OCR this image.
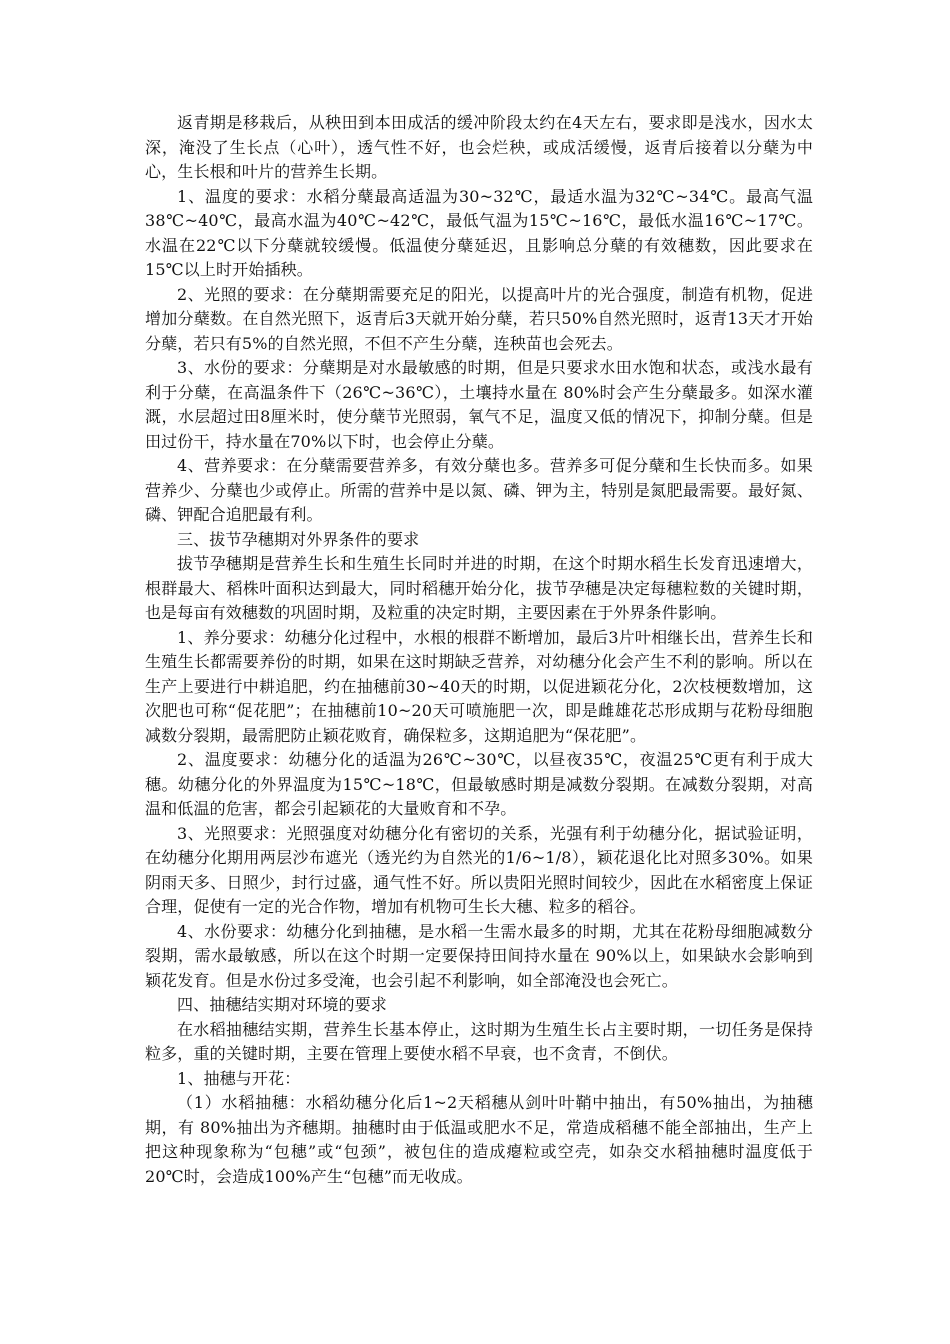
返青期是移栽后，从秧田到本田成活的缓冲阶段太约在4天左右，要求即是浅水，因水太深，淹没了生长点（心叶），透气性不好，也会烂秧，或成活缓慢，返青后接着以分蘖为中心，生长根和叶片的营养生长期。

1、温度的要求：水稻分蘖最高适温为30~32℃，最适水温为32℃~34℃。最高气温38℃~40℃，最高水温为40℃~42℃，最低气温为15℃~16℃，最低水温16℃~17℃。水温在22℃以下分蘖就较缓慢。低温使分蘖延迟，且影响总分蘖的有效穗数，因此要求在 15℃以上时开始插秧。

2、光照的要求：在分蘖期需要充足的阳光，以提高叶片的光合强度，制造有机物，促进增加分蘖数。在自然光照下，返青后3天就开始分蘖，若只50%自然光照时，返青13天才开始分蘖，若只有5%的自然光照，不但不产生分蘖，连秧苗也会死去。

3、水份的要求：分蘖期是对水最敏感的时期，但是只要求水田水饱和状态，或浅水最有利于分蘖，在高温条件下（26℃~36℃），土壤持水量在 80%时会产生分蘖最多。如深水灌溉，水层超过田8厘米时，使分蘖节光照弱，氧气不足，温度又低的情况下，抑制分蘖。但是田过份干，持水量在70%以下时，也会停止分蘖。

4、营养要求：在分蘖需要营养多，有效分蘖也多。营养多可促分蘖和生长快而多。如果营养少、分蘖也少或停止。所需的营养中是以氮、磷、钾为主，特别是氮肥最需要。最好氮、磷、钾配合追肥最有利。

三、拔节孕穗期对外界条件的要求

拔节孕穗期是营养生长和生殖生长同时并进的时期，在这个时期水稻生长发育迅速增大，根群最大、稻株叶面积达到最大，同时稻穗开始分化，拔节孕穗是决定每穗粒数的关键时期，也是每亩有效穗数的巩固时期，及粒重的决定时期，主要因素在于外界条件影响。

1、养分要求：幼穗分化过程中，水根的根群不断增加，最后3片叶相继长出，营养生长和生殖生长都需要养份的时期，如果在这时期缺乏营养，对幼穗分化会产生不利的影响。所以在生产上要进行中耕追肥，约在抽穗前30~40天的时期，以促进颖花分化，2次枝梗数增加，这次肥也可称“促花肥”；在抽穗前10~20天可喷施肥一次，即是雌雄花芯形成期与花粉母细胞减数分裂期，最需肥防止颖花败育，确保粒多，这期追肥为“保花肥”。

2、温度要求：幼穗分化的适温为26℃~30℃，以昼夜35℃，夜温25℃更有利于成大穗。幼穗分化的外界温度为15℃~18℃，但最敏感时期是减数分裂期。在减数分裂期，对高温和低温的危害，都会引起颖花的大量败育和不孕。

3、光照要求：光照强度对幼穗分化有密切的关系，光强有利于幼穗分化，据试验证明，在幼穗分化期用两层沙布遮光（透光约为自然光的1/6~1/8），颖花退化比对照多30%。如果阴雨天多、日照少，封行过盛，通气性不好。所以贵阳光照时间较少，因此在水稻密度上保证合理，促使有一定的光合作物，增加有机物可生长大穗、粒多的稻谷。

4、水份要求：幼穗分化到抽穗，是水稻一生需水最多的时期，尤其在花粉母细胞减数分裂期，需水最敏感，所以在这个时期一定要保持田间持水量在 90%以上，如果缺水会影响到颖花发育。但是水份过多受淹，也会引起不利影响，如全部淹没也会死亡。

四、抽穗结实期对环境的要求

在水稻抽穗结实期，营养生长基本停止，这时期为生殖生长占主要时期，一切任务是保持粒多，重的关键时期，主要在管理上要使水稻不早衰，也不贪青，不倒伏。

1、抽穗与开花：

（1）水稻抽穗：水稻幼穗分化后1~2天稻穗从剑叶叶鞘中抽出，有50%抽出，为抽穗期，有 80%抽出为齐穗期。抽穗时由于低温或肥水不足，常造成稻穗不能全部抽出，生产上把这种现象称为“包穗”或“包颈”，被包住的造成瘪粒或空壳，如杂交水稻抽穗时温度低于20℃时，会造成100%产生“包穗”而无收成。
